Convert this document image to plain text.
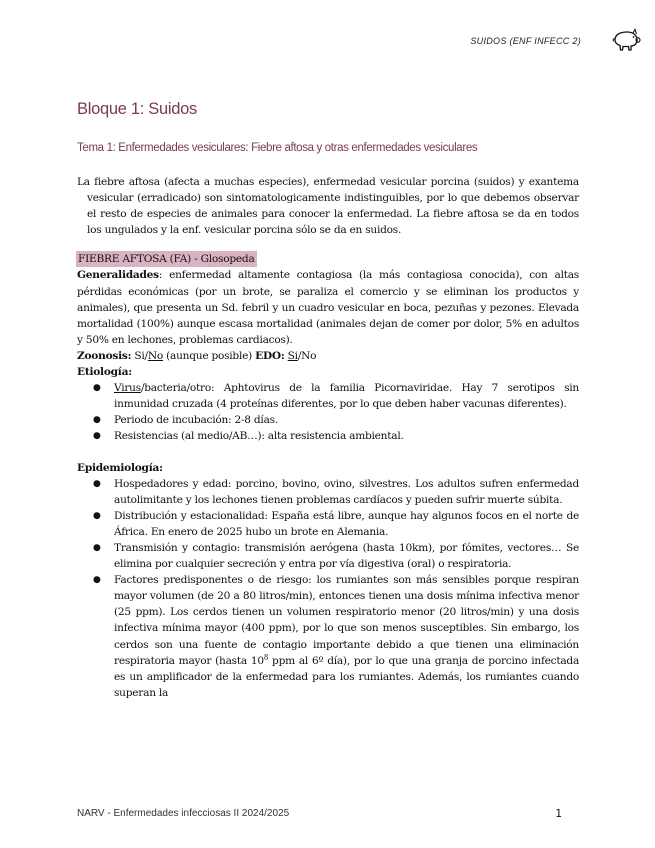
SUIDOS (ENF INFECC 2)
Bloque 1: Suidos
Tema 1: Enfermedades vesiculares: Fiebre aftosa y otras enfermedades vesiculares

La fiebre aftosa (afecta a muchas especies), enfermedad vesicular porcina (suidos) y exantema vesicular (erradicado) son sintomatologicamente indistinguibles, por lo que debemos observar el resto de especies de animales para conocer la enfermedad. La fiebre aftosa se da en todos los ungulados y la enf. vesicular porcina sólo se da en suidos.

FIEBRE AFTOSA (FA) - Glosopeda

Generalidades: enfermedad altamente contagiosa (la más contagiosa conocida), con altas pérdidas económicas (por un brote, se paraliza el comercio y se eliminan los productos y animales), que presenta un Sd. febril y un cuadro vesicular en boca, pezuñas y pezones. Elevada mortalidad (100%) aunque escasa mortalidad (animales dejan de comer por dolor, 5% en adultos y 50% en lechones, problemas cardiacos).

Zoonosis: Si/No (aunque posible) EDO: Si/No

Etiología:

● Virus/bacteria/otro: Aphtovirus de la familia Picornaviridae. Hay 7 serotipos sin inmunidad cruzada (4 proteínas diferentes, por lo que deben haber vacunas diferentes).
● Periodo de incubación: 2-8 días.
● Resistencias (al medio/AB…): alta resistencia ambiental.

Epidemiología:

● Hospedadores y edad: porcino, bovino, ovino, silvestres. Los adultos sufren enfermedad autolimitante y los lechones tienen problemas cardíacos y pueden sufrir muerte súbita.
● Distribución y estacionalidad: España está libre, aunque hay algunos focos en el norte de África. En enero de 2025 hubo un brote en Alemania.
● Transmisión y contagio: transmisión aerógena (hasta 10km), por fómites, vectores… Se elimina por cualquier secreción y entra por vía digestiva (oral) o respiratoria.
● Factores predisponentes o de riesgo: los rumiantes son más sensibles porque respiran mayor volumen (de 20 a 80 litros/min), entonces tienen una dosis mínima infectiva menor (25 ppm). Los cerdos tienen un volumen respiratorio menor (20 litros/min) y una dosis infectiva mínima mayor (400 ppm), por lo que son menos susceptibles. Sin embargo, los cerdos son una fuente de contagio importante debido a que tienen una eliminación respiratoria mayor (hasta $10^8$ ppm al 6º día), por lo que una granja de porcino infectada es un amplificador de la enfermedad para los rumiantes. Además, los rumiantes cuando superan la
NARV - Enfermedades infecciosas II 2024/2025	1
